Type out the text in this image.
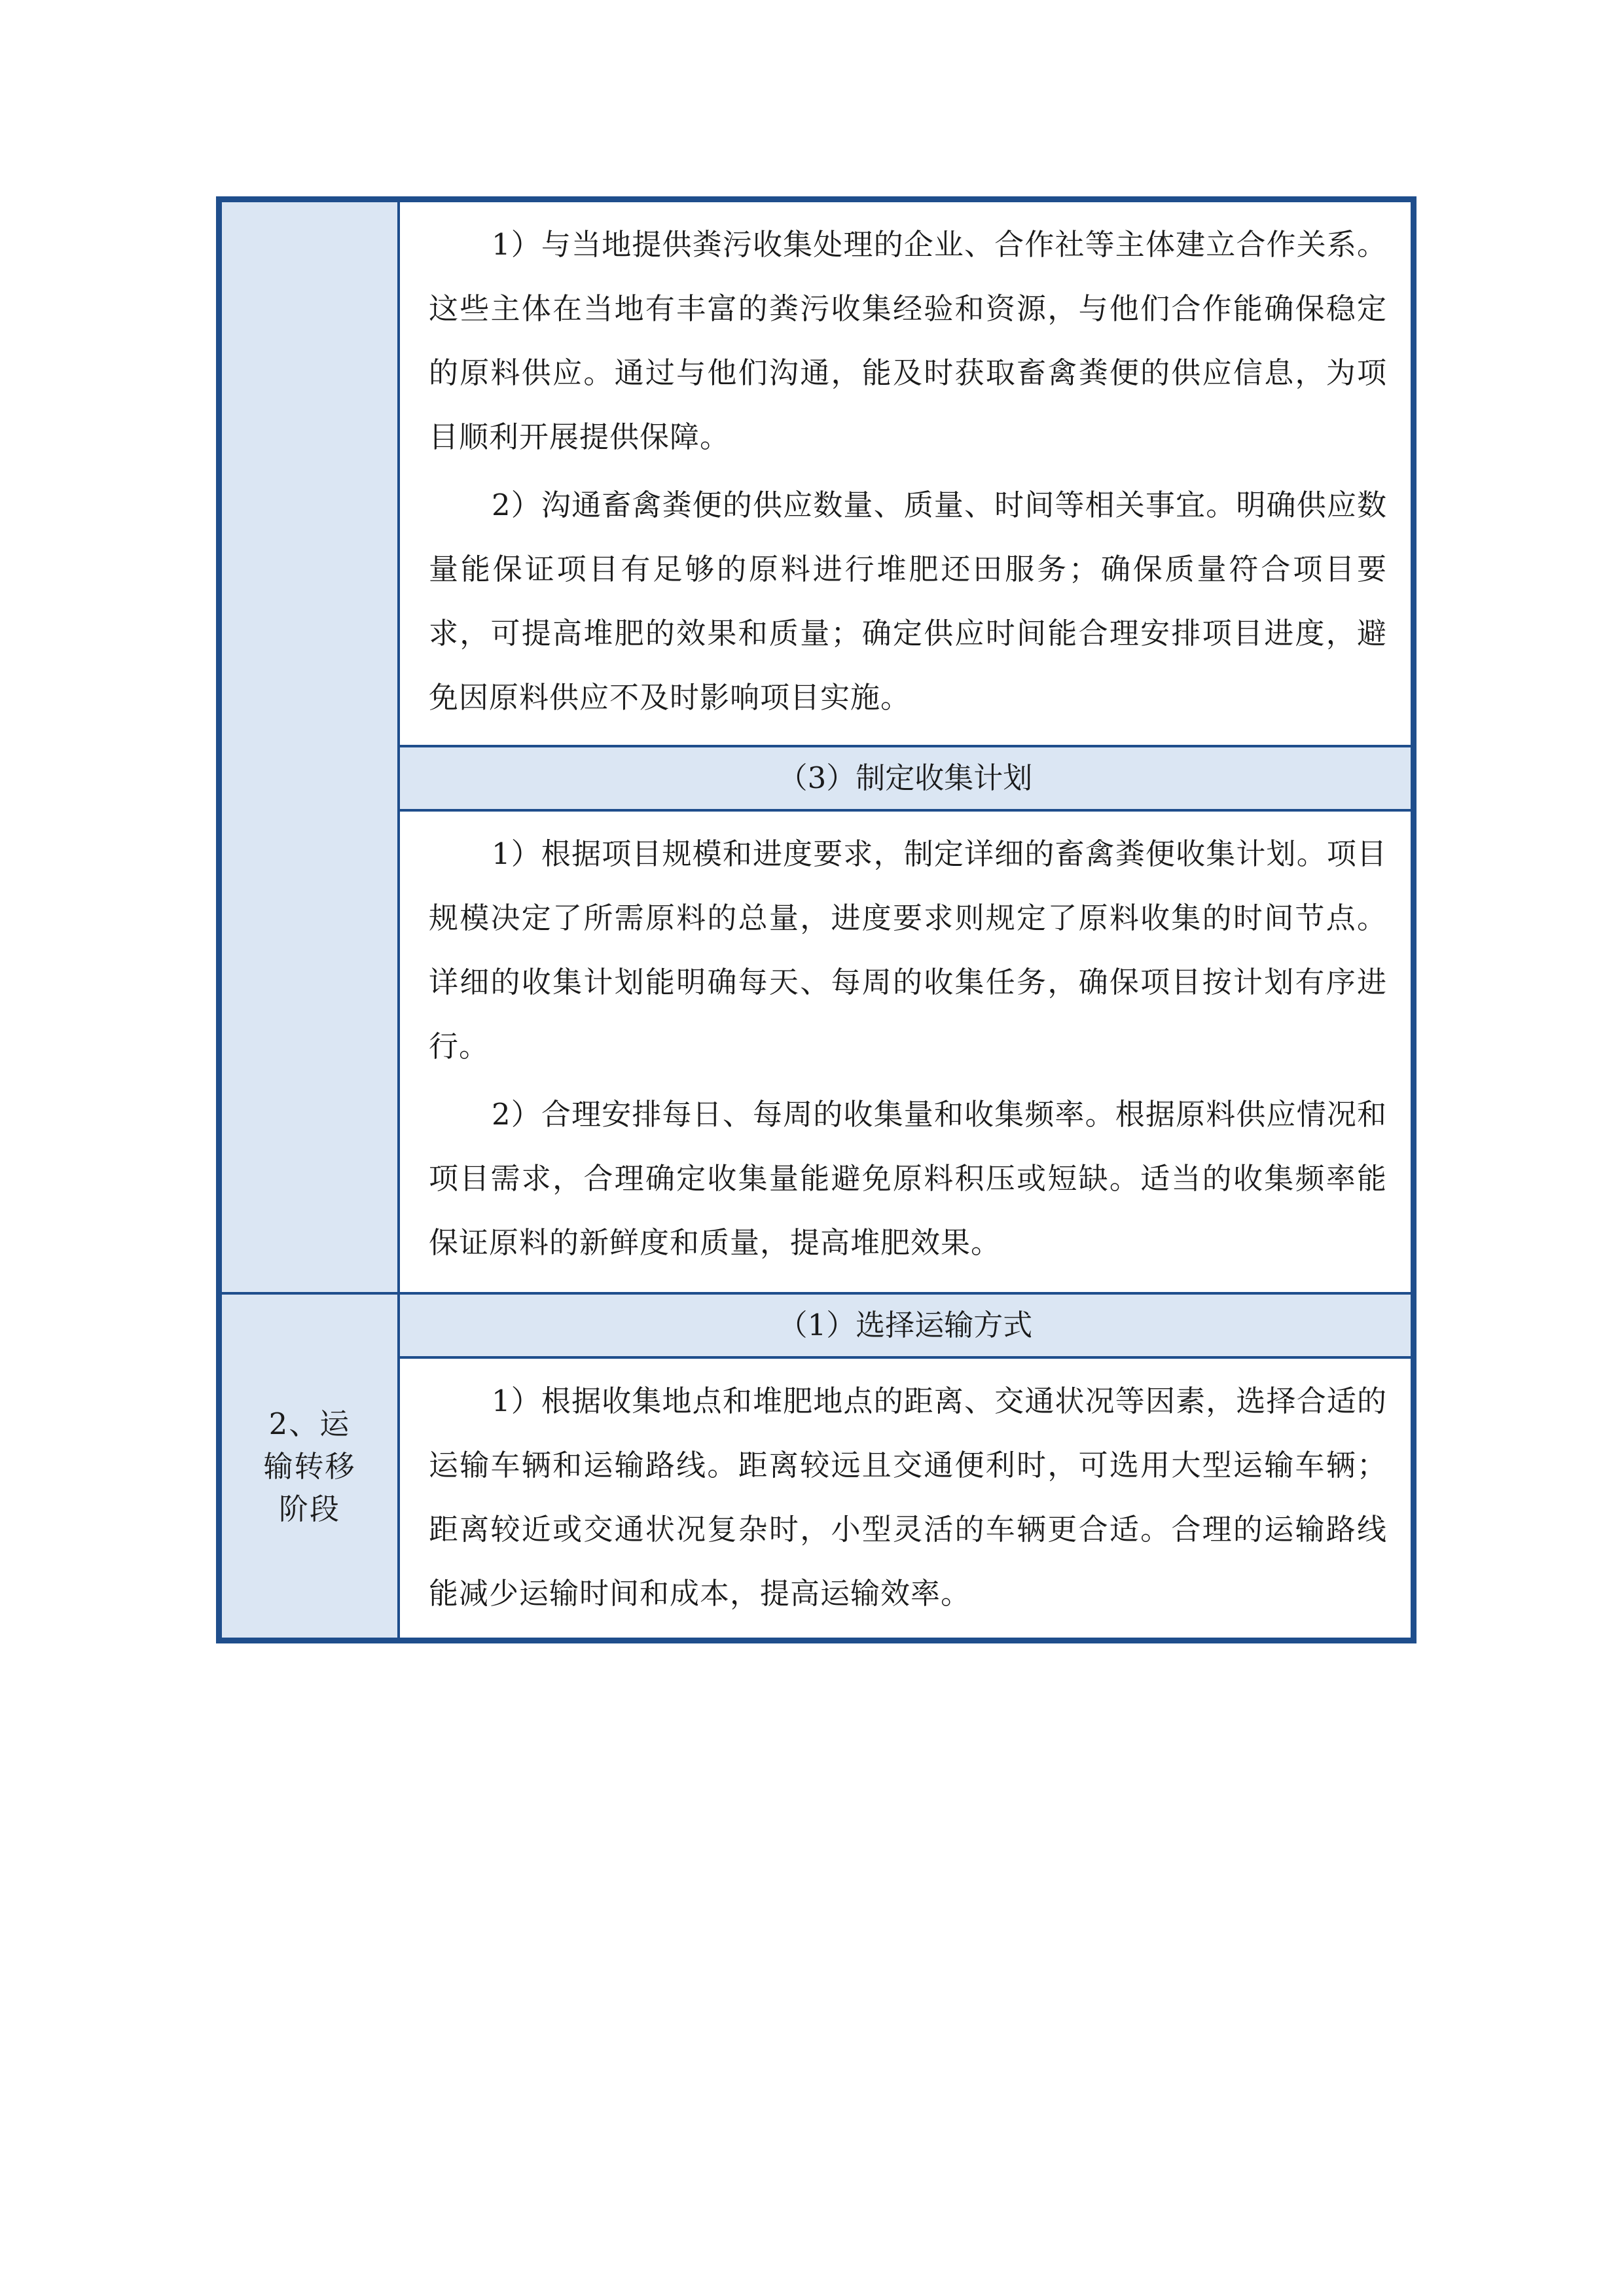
	1）与当地提供粪污收集处理的企业、合作社等主体建立合作关系。这些主体在当地有丰富的粪污收集经验和资源，与他们合作能确保稳定的原料供应。通过与他们沟通，能及时获取畜禽粪便的供应信息，为项目顺利开展提供保障。

2）沟通畜禽粪便的供应数量、质量、时间等相关事宜。明确供应数量能保证项目有足够的原料进行堆肥还田服务；确保质量符合项目要求，可提高堆肥的效果和质量；确定供应时间能合理安排项目进度，避免因原料供应不及时影响项目实施。

	（3）制定收集计划

	1）根据项目规模和进度要求，制定详细的畜禽粪便收集计划。项目规模决定了所需原料的总量，进度要求则规定了原料收集的时间节点。详细的收集计划能明确每天、每周的收集任务，确保项目按计划有序进行。

2）合理安排每日、每周的收集量和收集频率。根据原料供应情况和项目需求，合理确定收集量能避免原料积压或短缺。适当的收集频率能保证原料的新鲜度和质量，提高堆肥效果。

2、运输转移阶段	（1）选择运输方式

	1）根据收集地点和堆肥地点的距离、交通状况等因素，选择合适的运输车辆和运输路线。距离较远且交通便利时，可选用大型运输车辆；距离较近或交通状况复杂时，小型灵活的车辆更合适。合理的运输路线能减少运输时间和成本，提高运输效率。
